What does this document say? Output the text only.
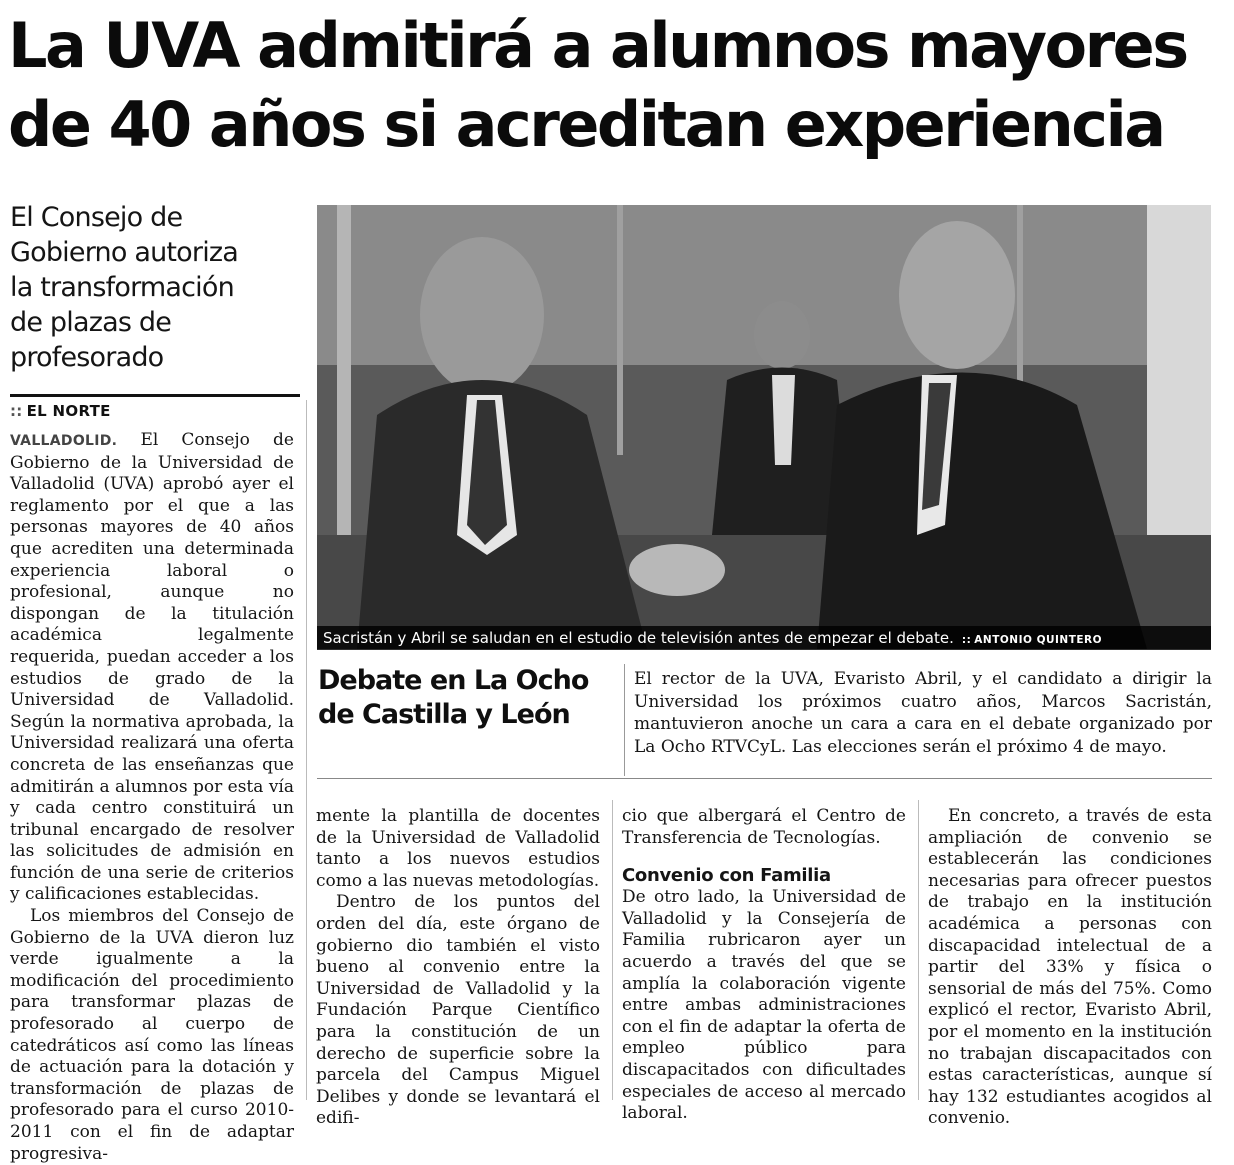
La UVA admitirá a alumnos mayores
de 40 años si acreditan experiencia
El Consejo de
Gobierno autoriza
la transformación
de plazas de
profesorado
:: EL NORTE
Sacristán y Abril se saludan en el estudio de televisión antes de empezar el debate. :: ANTONIO QUINTERO
Debate en La Ocho de Castilla y León
El rector de la UVA, Evaristo Abril, y el candidato a dirigir la Universidad los próximos cuatro años, Marcos Sacristán, mantuvieron anoche un cara a cara en el debate organizado por La Ocho RTVCyL. Las elecciones serán el próximo 4 de mayo.

VALLADOLID. El Consejo de Gobierno de la Universidad de Valladolid (UVA) aprobó ayer el reglamento por el que a las personas mayores de 40 años que acrediten una determinada experiencia laboral o profesional, aunque no dispongan de la titulación académica legalmente requerida, puedan acceder a los estudios de grado de la Universidad de Valladolid. Según la normativa aprobada, la Universidad realizará una oferta concreta de las enseñanzas que admitirán a alumnos por esta vía y cada centro constituirá un tribunal encargado de resolver las solicitudes de admisión en función de una serie de criterios y calificaciones establecidas.

Los miembros del Consejo de Gobierno de la UVA dieron luz verde igualmente a la modificación del procedimiento para transformar plazas de profesorado al cuerpo de catedráticos así como las líneas de actuación para la dotación y transformación de plazas de profesorado para el curso 2010-2011 con el fin de adaptar progresiva-

mente la plantilla de docentes de la Universidad de Valladolid tanto a los nuevos estudios como a las nuevas metodologías.

Dentro de los puntos del orden del día, este órgano de gobierno dio también el visto bueno al convenio entre la Universidad de Valladolid y la Fundación Parque Científico para la constitución de un derecho de superficie sobre la parcela del Campus Miguel Delibes y donde se levantará el edifi-

cio que albergará el Centro de Transferencia de Tecnologías.

Convenio con Familia

De otro lado, la Universidad de Valladolid y la Consejería de Familia rubricaron ayer un acuerdo a través del que se amplía la colaboración vigente entre ambas administraciones con el fin de adaptar la oferta de empleo público para discapacitados con dificultades especiales de acceso al mercado laboral.

En concreto, a través de esta ampliación de convenio se establecerán las condiciones necesarias para ofrecer puestos de trabajo en la institución académica a personas con discapacidad intelectual de a partir del 33% y física o sensorial de más del 75%. Como explicó el rector, Evaristo Abril, por el momento en la institución no trabajan discapacitados con estas características, aunque sí hay 132 estudiantes acogidos al convenio.
